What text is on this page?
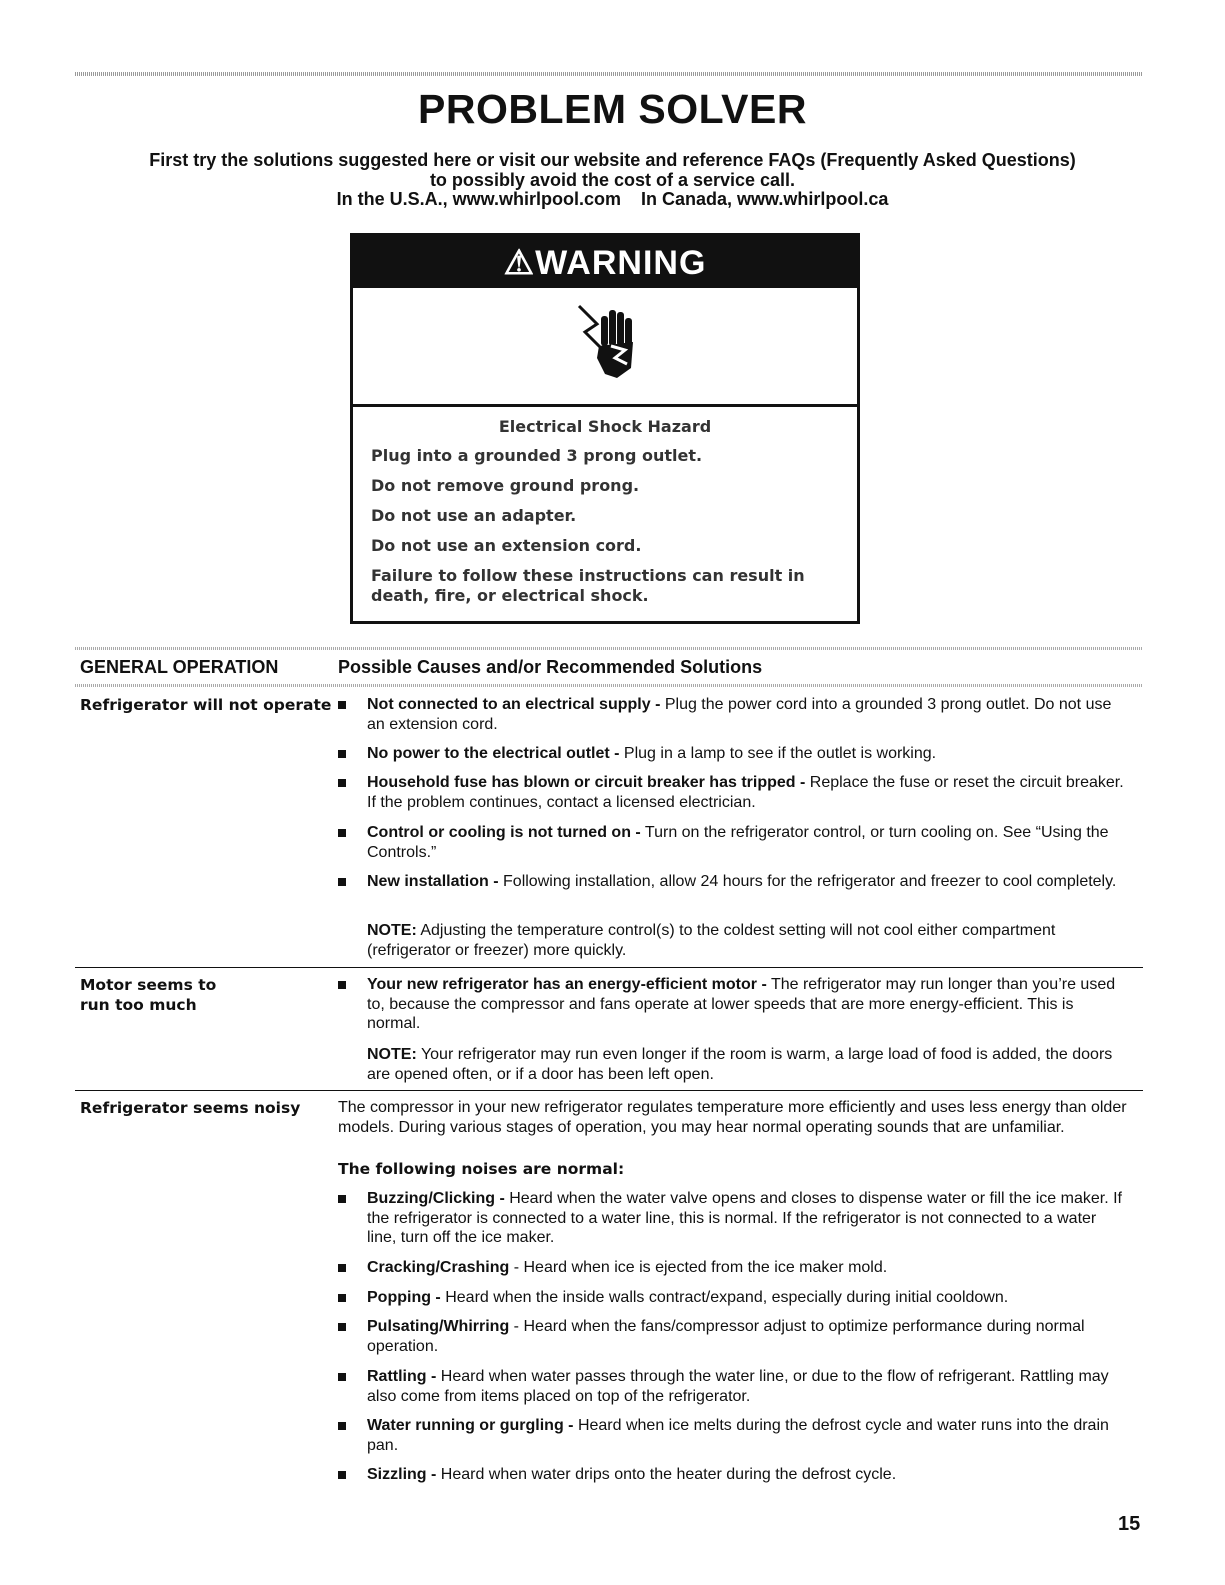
PROBLEM SOLVER
First try the solutions suggested here or visit our website and reference FAQs (Frequently Asked Questions)
to possibly avoid the cost of a service call.
In the U.S.A., www.whirlpool.com    In Canada, www.whirlpool.ca
⚠WARNING
Electrical Shock Hazard
Plug into a grounded 3 prong outlet.
Do not remove ground prong.
Do not use an adapter.
Do not use an extension cord.
Failure to follow these instructions can result in death, fire, or electrical shock.
GENERAL OPERATION	Possible Causes and/or Recommended Solutions
Refrigerator will not operate Not connected to an electrical supply - Plug the power cord into a grounded 3 prong outlet. Do not use an extension cord.
No power to the electrical outlet - Plug in a lamp to see if the outlet is working.
Household fuse has blown or circuit breaker has tripped - Replace the fuse or reset the circuit breaker. If the problem continues, contact a licensed electrician.
Control or cooling is not turned on - Turn on the refrigerator control, or turn cooling on. See “Using the Controls.”
New installation - Following installation, allow 24 hours for the refrigerator and freezer to cool completely.
NOTE: Adjusting the temperature control(s) to the coldest setting will not cool either compartment (refrigerator or freezer) more quickly.
Motor seems to
run too much
Your new refrigerator has an energy-efficient motor - The refrigerator may run longer than you’re used to, because the compressor and fans operate at lower speeds that are more energy-efficient. This is normal.
NOTE: Your refrigerator may run even longer if the room is warm, a large load of food is added, the doors are opened often, or if a door has been left open.
Refrigerator seems noisy The compressor in your new refrigerator regulates temperature more efficiently and uses less energy than older models. During various stages of operation, you may hear normal operating sounds that are unfamiliar.
The following noises are normal:
Buzzing/Clicking - Heard when the water valve opens and closes to dispense water or fill the ice maker. If the refrigerator is connected to a water line, this is normal. If the refrigerator is not connected to a water line, turn off the ice maker.
Cracking/Crashing - Heard when ice is ejected from the ice maker mold.
Popping - Heard when the inside walls contract/expand, especially during initial cooldown.
Pulsating/Whirring - Heard when the fans/compressor adjust to optimize performance during normal operation.
Rattling - Heard when water passes through the water line, or due to the flow of refrigerant. Rattling may also come from items placed on top of the refrigerator.
Water running or gurgling - Heard when ice melts during the defrost cycle and water runs into the drain pan.
Sizzling - Heard when water drips onto the heater during the defrost cycle.
15
